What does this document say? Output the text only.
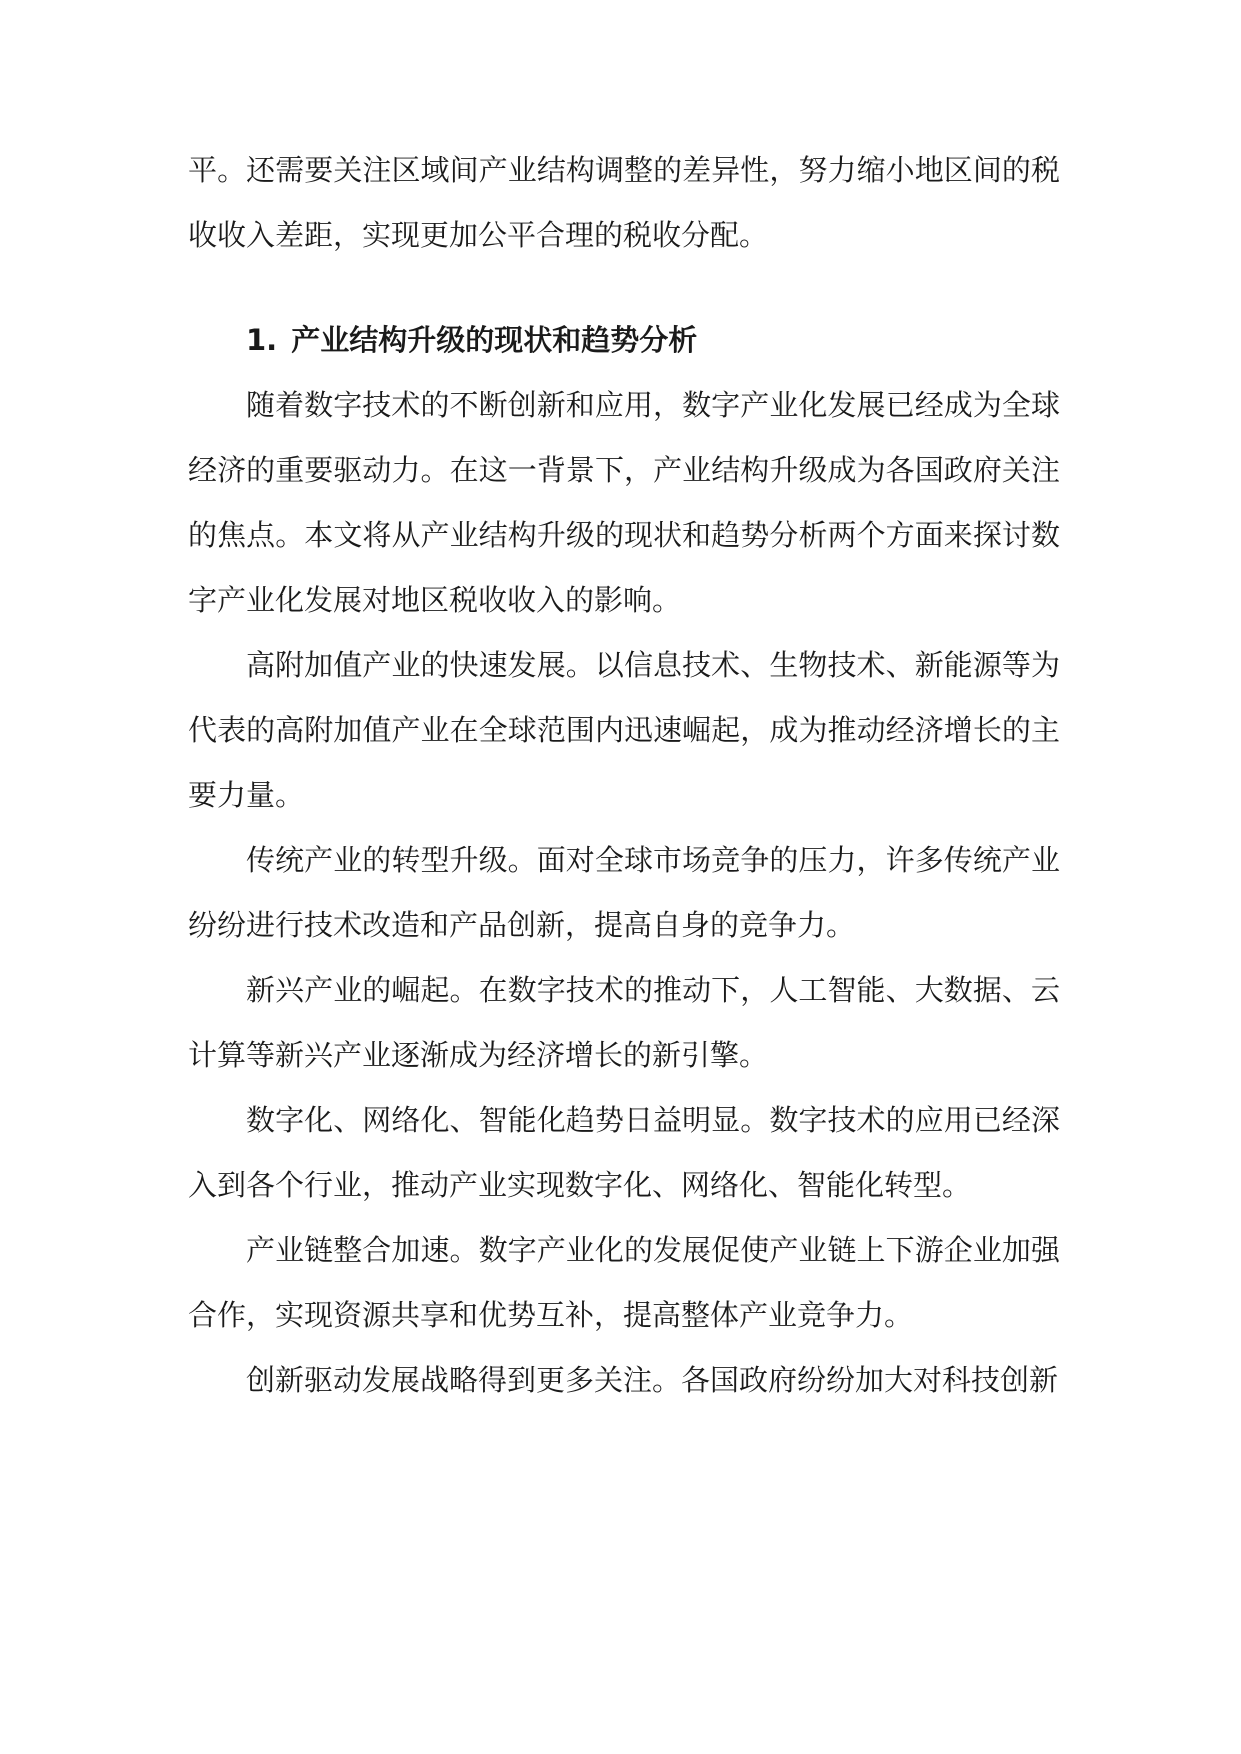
平。还需要关注区域间产业结构调整的差异性，努力缩小地区间的税收收入差距，实现更加公平合理的税收分配。

1. 产业结构升级的现状和趋势分析

随着数字技术的不断创新和应用，数字产业化发展已经成为全球经济的重要驱动力。在这一背景下，产业结构升级成为各国政府关注的焦点。本文将从产业结构升级的现状和趋势分析两个方面来探讨数字产业化发展对地区税收收入的影响。

高附加值产业的快速发展。以信息技术、生物技术、新能源等为代表的高附加值产业在全球范围内迅速崛起，成为推动经济增长的主要力量。

传统产业的转型升级。面对全球市场竞争的压力，许多传统产业纷纷进行技术改造和产品创新，提高自身的竞争力。

新兴产业的崛起。在数字技术的推动下，人工智能、大数据、云计算等新兴产业逐渐成为经济增长的新引擎。

数字化、网络化、智能化趋势日益明显。数字技术的应用已经深入到各个行业，推动产业实现数字化、网络化、智能化转型。

产业链整合加速。数字产业化的发展促使产业链上下游企业加强合作，实现资源共享和优势互补，提高整体产业竞争力。

创新驱动发展战略得到更多关注。各国政府纷纷加大对科技创新
